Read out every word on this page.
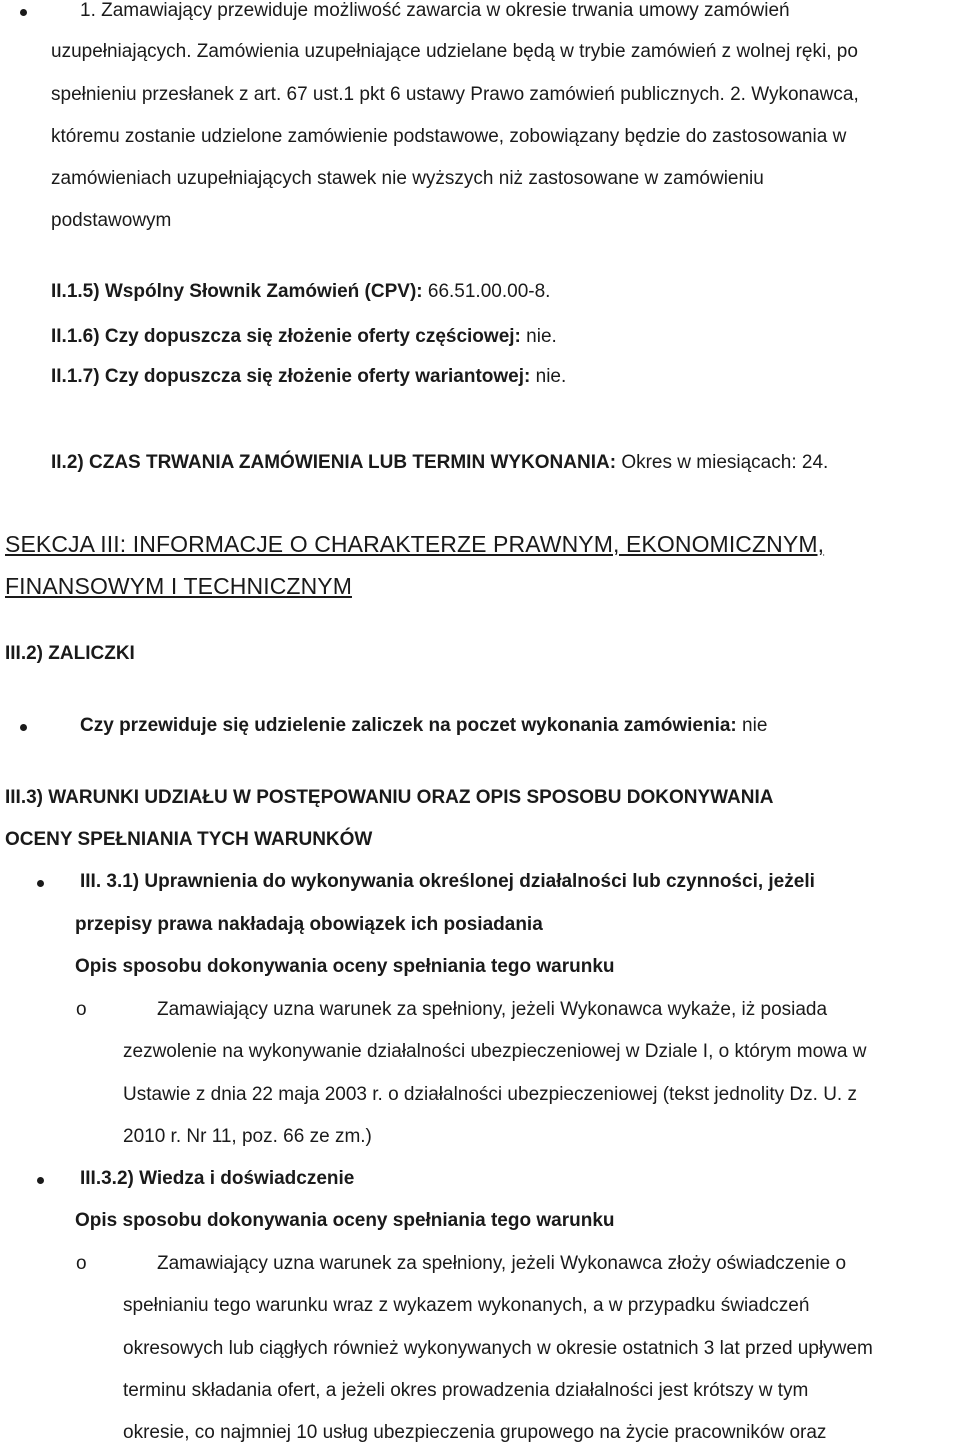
1. Zamawiający przewiduje możliwość zawarcia w okresie trwania umowy zamówień
uzupełniających. Zamówienia uzupełniające udzielane będą w trybie zamówień z wolnej ręki, po
spełnieniu przesłanek z art. 67 ust.1 pkt 6 ustawy Prawo zamówień publicznych. 2. Wykonawca,
któremu zostanie udzielone zamówienie podstawowe, zobowiązany będzie do zastosowania w
zamówieniach uzupełniających stawek nie wyższych niż zastosowane w zamówieniu
podstawowym
II.1.5) Wspólny Słownik Zamówień (CPV): 66.51.00.00-8.
II.1.6) Czy dopuszcza się złożenie oferty częściowej: nie.
II.1.7) Czy dopuszcza się złożenie oferty wariantowej: nie.
II.2) CZAS TRWANIA ZAMÓWIENIA LUB TERMIN WYKONANIA: Okres w miesiącach: 24.
SEKCJA III: INFORMACJE O CHARAKTERZE PRAWNYM, EKONOMICZNYM,
FINANSOWYM I TECHNICZNYM
III.2) ZALICZKI
Czy przewiduje się udzielenie zaliczek na poczet wykonania zamówienia: nie
III.3) WARUNKI UDZIAŁU W POSTĘPOWANIU ORAZ OPIS SPOSOBU DOKONYWANIA
OCENY SPEŁNIANIA TYCH WARUNKÓW
III. 3.1) Uprawnienia do wykonywania określonej działalności lub czynności, jeżeli
przepisy prawa nakładają obowiązek ich posiadania
Opis sposobu dokonywania oceny spełniania tego warunku
o	Zamawiający uzna warunek za spełniony, jeżeli Wykonawca wykaże, iż posiada
zezwolenie na wykonywanie działalności ubezpieczeniowej w Dziale I, o którym mowa w
Ustawie z dnia 22 maja 2003 r. o działalności ubezpieczeniowej (tekst jednolity Dz. U. z
2010 r. Nr 11, poz. 66 ze zm.)
III.3.2) Wiedza i doświadczenie
Opis sposobu dokonywania oceny spełniania tego warunku
o	Zamawiający uzna warunek za spełniony, jeżeli Wykonawca złoży oświadczenie o
spełnianiu tego warunku wraz z wykazem wykonanych, a w przypadku świadczeń
okresowych lub ciągłych również wykonywanych w okresie ostatnich 3 lat przed upływem
terminu składania ofert, a jeżeli okres prowadzenia działalności jest krótszy w tym
okresie, co najmniej 10 usług ubezpieczenia grupowego na życie pracowników oraz
